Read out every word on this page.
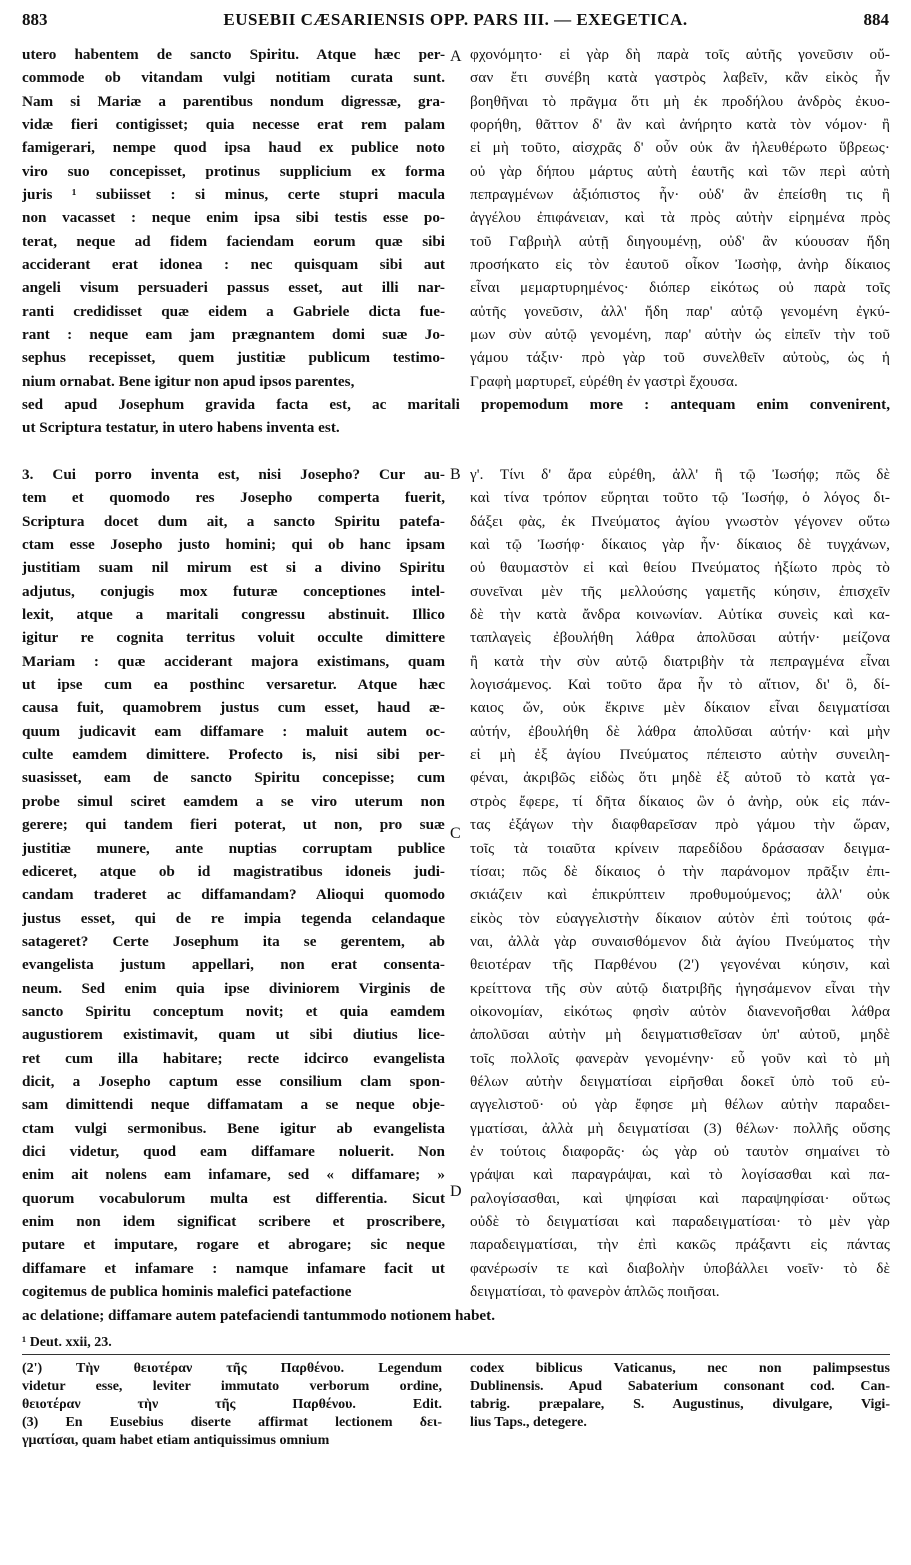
883	EUSEBII CÆSARIENSIS OPP. PARS III. — EXEGETICA.	884
A
B
C
D
utero habentem de sancto Spiritu. Atque hæc per-
commode ob vitandam vulgi notitiam curata sunt.
Nam si Mariæ a parentibus nondum digressæ, gra-
vidæ fieri contigisset; quia necesse erat rem palam
famigerari, nempe quod ipsa haud ex publice noto
viro suo concepisset, protinus supplicium ex forma
juris ¹ subiisset : si minus, certe stupri macula
non vacasset : neque enim ipsa sibi testis esse po-
terat, neque ad fidem faciendam eorum quæ sibi
acciderant erat idonea : nec quisquam sibi aut
angeli visum persuaderi passus esset, aut illi nar-
ranti credidisset quæ eidem a Gabriele dicta fue-
rant : neque eam jam prægnantem domi suæ Jo-
sephus recepisset, quem justitiæ publicum testimo-
nium ornabat. Bene igitur non apud ipsos parentes,
φχονόμητο· εἰ γὰρ δὴ παρὰ τοῖς αὐτῆς γονεῦσιν οὔ-
σαν ἔτι συνέβη κατὰ γαστρὸς λαβεῖν, κἂν εἰκὸς ἦν
βοηθῆναι τὸ πρᾶγμα ὅτι μὴ ἐκ προδήλου ἀνδρὸς ἐκυο-
φορήθη, θᾶττον δ' ἂν καὶ ἀνήρητο κατὰ τὸν νόμον· ἢ
εἰ μὴ τοῦτο, αἰσχρᾶς δ' οὖν οὐκ ἂν ἠλευθέρωτο ὕβρεως·
οὐ γὰρ δήπου μάρτυς αὐτὴ ἑαυτῆς καὶ τῶν περὶ αὐτὴ
πεπραγμένων ἀξιόπιστος ἦν· οὐδ' ἂν ἐπείσθη τις ἢ
ἀγγέλου ἐπιφάνειαν, καὶ τὰ πρὸς αὐτὴν εἰρημένα πρὸς
τοῦ Γαβριὴλ αὐτῇ διηγουμένῃ, οὐδ' ἂν κύουσαν ἤδη
προσήκατο εἰς τὸν ἑαυτοῦ οἶκον Ἰωσὴφ, ἀνὴρ δίκαιος
εἶναι μεμαρτυρημένος· διόπερ εἰκότως οὐ παρὰ τοῖς
αὐτῆς γονεῦσιν, ἀλλ' ἤδη παρ' αὐτῷ γενομένη ἐγκύ-
μων σὺν αὐτῷ γενομένη, παρ' αὐτὴν ὡς εἰπεῖν τὴν τοῦ
γάμου τάξιν· πρὸ γὰρ τοῦ συνελθεῖν αὐτοὺς, ὡς ἡ
Γραφὴ μαρτυρεῖ, εὑρέθη ἐν γαστρὶ ἔχουσα.
sed apud Josephum gravida facta est, ac maritali propemodum more : antequam enim convenirent,
ut Scriptura testatur, in utero habens inventa est.
3. Cui porro inventa est, nisi Josepho? Cur au-
tem et quomodo res Josepho comperta fuerit,
Scriptura docet dum ait, a sancto Spiritu patefa-
ctam esse Josepho justo homini; qui ob hanc ipsam
justitiam suam nil mirum est si a divino Spiritu
adjutus, conjugis mox futuræ conceptiones intel-
lexit, atque a maritali congressu abstinuit. Illico
igitur re cognita territus voluit occulte dimittere
Mariam : quæ acciderant majora existimans, quam
ut ipse cum ea posthinc versaretur. Atque hæc
causa fuit, quamobrem justus cum esset, haud æ-
quum judicavit eam diffamare : maluit autem oc-
culte eamdem dimittere. Profecto is, nisi sibi per-
suasisset, eam de sancto Spiritu concepisse; cum
probe simul sciret eamdem a se viro uterum non
gerere; qui tandem fieri poterat, ut non, pro suæ
justitiæ munere, ante nuptias corruptam publice
ediceret, atque ob id magistratibus idoneis judi-
candam traderet ac diffamandam? Alioqui quomodo
justus esset, qui de re impia tegenda celandaque
satageret? Certe Josephum ita se gerentem, ab
evangelista justum appellari, non erat consenta-
neum. Sed enim quia ipse diviniorem Virginis de
sancto Spiritu conceptum novit; et quia eamdem
augustiorem existimavit, quam ut sibi diutius lice-
ret cum illa habitare; recte idcirco evangelista
dicit, a Josepho captum esse consilium clam spon-
sam dimittendi neque diffamatam a se neque obje-
ctam vulgi sermonibus. Bene igitur ab evangelista
dici videtur, quod eam diffamare noluerit. Non
enim ait nolens eam infamare, sed « diffamare; »
quorum vocabulorum multa est differentia. Sicut
enim non idem significat scribere et proscribere,
putare et imputare, rogare et abrogare; sic neque
diffamare et infamare : namque infamare facit ut
cogitemus de publica hominis malefici patefactione
γ'. Τίνι δ' ἄρα εὑρέθη, ἀλλ' ἢ τῷ Ἰωσήφ; πῶς δὲ
καὶ τίνα τρόπον εὕρηται τοῦτο τῷ Ἰωσήφ, ὁ λόγος δι-
δάξει φὰς, ἐκ Πνεύματος ἁγίου γνωστὸν γέγονεν οὕτω
καὶ τῷ Ἰωσήφ· δίκαιος γὰρ ἦν· δίκαιος δὲ τυγχάνων,
οὐ θαυμαστὸν εἰ καὶ θείου Πνεύματος ἠξίωτο πρὸς τὸ
συνεῖναι μὲν τῆς μελλούσης γαμετῆς κύησιν, ἐπισχεῖν
δὲ τὴν κατὰ ἄνδρα κοινωνίαν. Αὐτίκα συνεὶς καὶ κα-
ταπλαγεὶς ἐβουλήθη λάθρα ἀπολῦσαι αὐτήν· μείζονα
ἢ κατὰ τὴν σὺν αὐτῷ διατριβὴν τὰ πεπραγμένα εἶναι
λογισάμενος. Καὶ τοῦτο ἄρα ἦν τὸ αἴτιον, δι' ὃ, δί-
καιος ὤν, οὐκ ἔκρινε μὲν δίκαιον εἶναι δειγματίσαι
αὐτήν, ἐβουλήθη δὲ λάθρα ἀπολῦσαι αὐτήν· καὶ μὴν
εἰ μὴ ἐξ ἁγίου Πνεύματος πέπειστο αὐτὴν συνειλη-
φέναι, ἀκριβῶς εἰδὼς ὅτι μηδὲ ἐξ αὐτοῦ τὸ κατὰ γα-
στρὸς ἔφερε, τί δῆτα δίκαιος ὢν ὁ ἀνὴρ, οὐκ εἰς πάν-
τας ἐξάγων τὴν διαφθαρεῖσαν πρὸ γάμου τὴν ὥραν,
τοῖς τὰ τοιαῦτα κρίνειν παρεδίδου δράσασαν δειγμα-
τίσαι; πῶς δὲ δίκαιος ὁ τὴν παράνομον πρᾶξιν ἐπι-
σκιάζειν καὶ ἐπικρύπτειν προθυμούμενος; ἀλλ' οὐκ
εἰκὸς τὸν εὐαγγελιστὴν δίκαιον αὐτὸν ἐπὶ τούτοις φά-
ναι, ἀλλὰ γὰρ συναισθόμενον διὰ ἁγίου Πνεύματος τὴν
θειοτέραν τῆς Παρθένου (2') γεγονέναι κύησιν, καὶ
κρείττονα τῆς σὺν αὐτῷ διατριβῆς ἡγησάμενον εἶναι τὴν
οἰκονομίαν, εἰκότως φησὶν αὐτὸν διανενοῆσθαι λάθρα
ἀπολῦσαι αὐτὴν μὴ δειγματισθεῖσαν ὑπ' αὐτοῦ, μηδὲ
τοῖς πολλοῖς φανερὰν γενομένην· εὖ γοῦν καὶ τὸ μὴ
θέλων αὐτὴν δειγματίσαι εἰρῆσθαι δοκεῖ ὑπὸ τοῦ εὐ-
αγγελιστοῦ· οὐ γὰρ ἔφησε μὴ θέλων αὐτὴν παραδει-
γματίσαι, ἀλλὰ μὴ δειγματίσαι (3) θέλων· πολλῆς οὔσης
ἐν τούτοις διαφορᾶς· ὡς γὰρ οὐ ταυτὸν σημαίνει τὸ
γράψαι καὶ παραγράψαι, καὶ τὸ λογίσασθαι καὶ πα-
ραλογίσασθαι, καὶ ψηφίσαι καὶ παραψηφίσαι· οὕτως
οὐδὲ τὸ δειγματίσαι καὶ παραδειγματίσαι· τὸ μὲν γὰρ
παραδειγματίσαι, τὴν ἐπὶ κακῶς πράξαντι εἰς πάντας
φανέρωσίν τε καὶ διαβολὴν ὑποβάλλει νοεῖν· τὸ δὲ
δειγματίσαι, τὸ φανερὸν ἁπλῶς ποιῆσαι.
ac delatione; diffamare autem patefaciendi tantummodo notionem habet.
¹ Deut. xxii, 23.
(2') Τὴν θειοτέραν τῆς Παρθένου. Legendum
videtur esse, leviter immutato verborum ordine,
θειοτέραν τὴν τῆς Παρθένου. Edit.
(3) En Eusebius diserte affirmat lectionem δει-
γματίσαι, quam habet etiam antiquissimus omnium
codex biblicus Vaticanus, nec non palimpsestus
Dublinensis. Apud Sabaterium consonant cod. Can-
tabrig. præpalare, S. Augustinus, divulgare, Vigi-
lius Taps., detegere.
